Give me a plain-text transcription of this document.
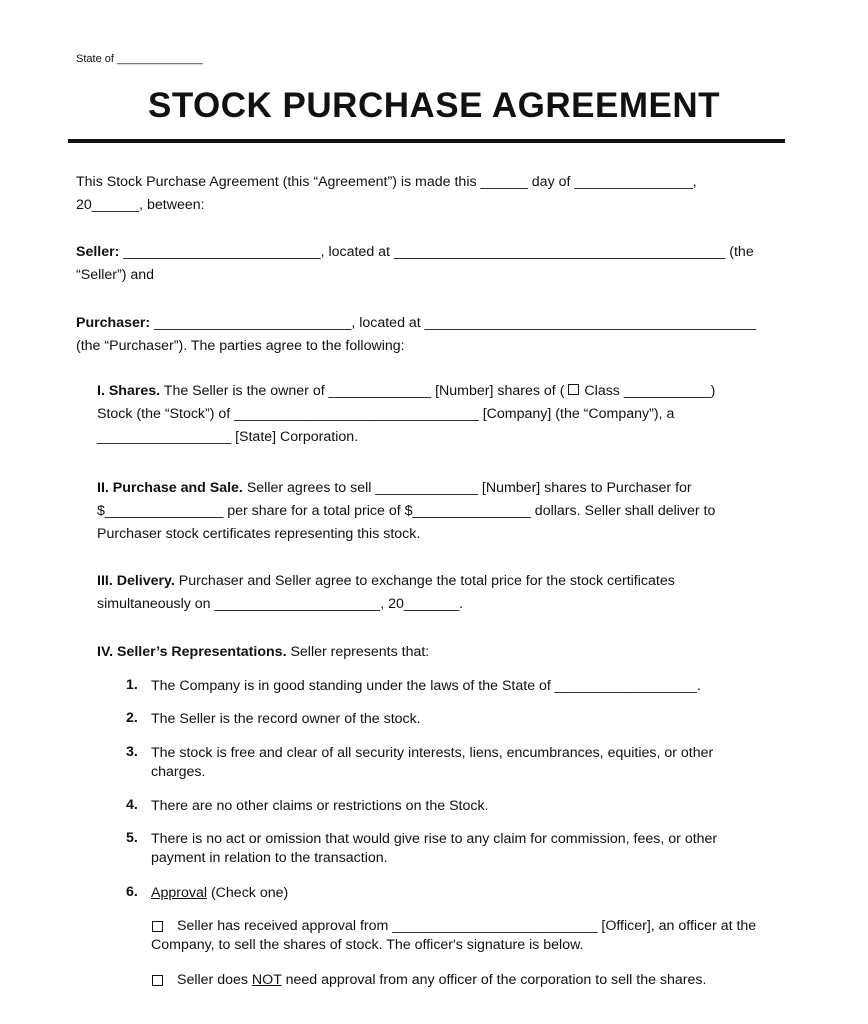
State of ______________
STOCK PURCHASE AGREEMENT
This Stock Purchase Agreement (this “Agreement”) is made this ______ day of _______________,
20______, between:
Seller: _________________________, located at __________________________________________ (the
“Seller”) and
Purchaser: _________________________, located at __________________________________________
(the “Purchaser”). The parties agree to the following:
I. Shares. The Seller is the owner of _____________ [Number] shares of ( Class ___________)
Stock (the “Stock”) of _______________________________ [Company] (the “Company”), a
_________________ [State] Corporation.
II. Purchase and Sale. Seller agrees to sell _____________ [Number] shares to Purchaser for
$_______________ per share for a total price of $_______________ dollars. Seller shall deliver to
Purchaser stock certificates representing this stock.
III. Delivery. Purchaser and Seller agree to exchange the total price for the stock certificates
simultaneously on _____________________, 20_______.
IV. Seller’s Representations. Seller represents that:
1. The Company is in good standing under the laws of the State of __________________.
2. The Seller is the record owner of the stock.
3. The stock is free and clear of all security interests, liens, encumbrances, equities, or other
charges.
4. There are no other claims or restrictions on the Stock.
5. There is no act or omission that would give rise to any claim for commission, fees, or other
payment in relation to the transaction.
6. Approval (Check one)
Seller has received approval from __________________________ [Officer], an officer at the
Company, to sell the shares of stock. The officer's signature is below.
Seller does NOT need approval from any officer of the corporation to sell the shares.
